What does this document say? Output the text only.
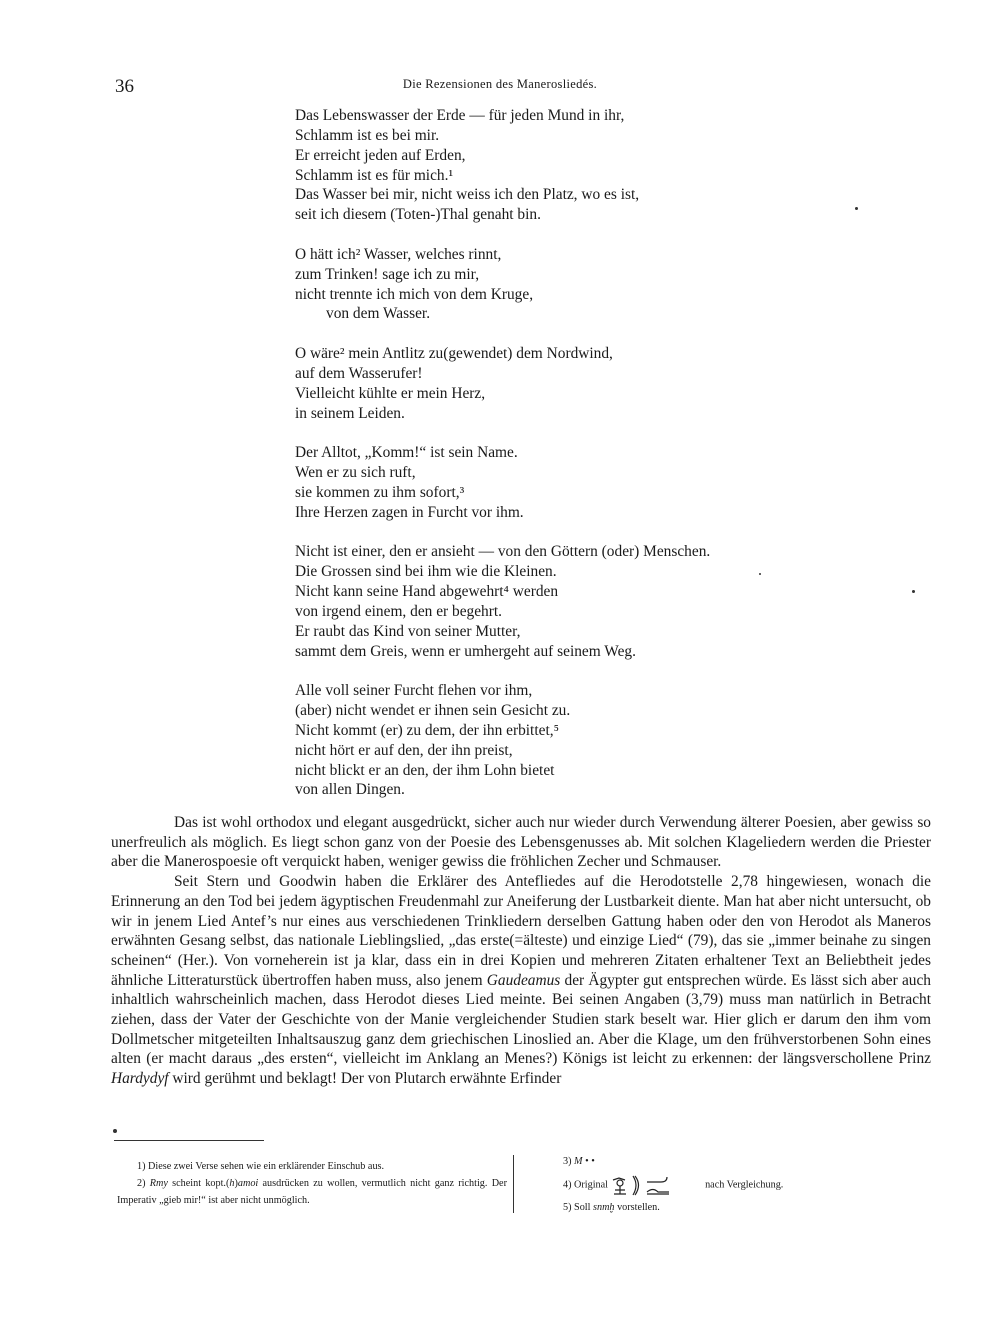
36	Die Rezensionen des Manerosliedés.
Das Lebenswasser der Erde — für jeden Mund in ihr,
Schlamm ist es bei mir.
Er erreicht jeden auf Erden,
Schlamm ist es für mich.¹
Das Wasser bei mir, nicht weiss ich den Platz, wo es ist,
seit ich diesem (Toten-)Thal genaht bin.
O hätt ich² Wasser, welches rinnt,
zum Trinken! sage ich zu mir,
nicht trennte ich mich von dem Kruge,
von dem Wasser.
O wäre² mein Antlitz zu(gewendet) dem Nordwind,
auf dem Wasserufer!
Vielleicht kühlte er mein Herz,
in seinem Leiden.
Der Alltot, „Komm!“ ist sein Name.
Wen er zu sich ruft,
sie kommen zu ihm sofort,³
Ihre Herzen zagen in Furcht vor ihm.
Nicht ist einer, den er ansieht — von den Göttern (oder) Menschen.
Die Grossen sind bei ihm wie die Kleinen.
Nicht kann seine Hand abgewehrt⁴ werden
von irgend einem, den er begehrt.
Er raubt das Kind von seiner Mutter,
sammt dem Greis, wenn er umhergeht auf seinem Weg.
Alle voll seiner Furcht flehen vor ihm,
(aber) nicht wendet er ihnen sein Gesicht zu.
Nicht kommt (er) zu dem, der ihn erbittet,⁵
nicht hört er auf den, der ihn preist,
nicht blickt er an den, der ihm Lohn bietet
von allen Dingen.

Das ist wohl orthodox und elegant ausgedrückt, sicher auch nur wieder durch Verwendung älterer Poesien, aber gewiss so unerfreulich als möglich. Es liegt schon ganz von der Poesie des Lebensgenusses ab. Mit solchen Klageliedern werden die Priester aber die Manerospoesie oft verquickt haben, weniger gewiss die fröhlichen Zecher und Schmauser.

Seit Stern und Goodwin haben die Erklärer des Antefliedes auf die Herodotstelle 2,78 hingewiesen, wonach die Erinnerung an den Tod bei jedem ägyptischen Freudenmahl zur Aneiferung der Lustbarkeit diente. Man hat aber nicht untersucht, ob wir in jenem Lied Antef’s nur eines aus verschiedenen Trinkliedern derselben Gattung haben oder den von Herodot als Maneros erwähnten Gesang selbst, das nationale Lieblingslied, „das erste(=älteste) und einzige Lied“ (79), das sie „immer beinahe zu singen scheinen“ (Her.). Von vorneherein ist ja klar, dass ein in drei Kopien und mehreren Zitaten erhaltener Text an Beliebtheit jedes ähnliche Litteraturstück übertroffen haben muss, also jenem Gaudeamus der Ägypter gut entsprechen würde. Es lässt sich aber auch inhaltlich wahrscheinlich machen, dass Herodot dieses Lied meinte. Bei seinen Angaben (3,79) muss man natürlich in Betracht ziehen, dass der Vater der Geschichte von der Manie vergleichender Studien stark beselt war. Hier glich er darum den ihm vom Dollmetscher mitgeteilten Inhaltsauszug ganz dem griechischen Linoslied an. Aber die Klage, um den frühverstorbenen Sohn eines alten (er macht daraus „des ersten“, vielleicht im Anklang an Menes?) Königs ist leicht zu erkennen: der längsverschollene Prinz Hardydyf wird gerühmt und beklagt! Der von Plutarch erwähnte Erfinder

1) Diese zwei Verse sehen wie ein erklärender Einschub aus.

2) Rmy scheint kopt.(h)amoi ausdrücken zu wollen, vermutlich nicht ganz richtig. Der Imperativ „gieb mir!“ ist aber nicht unmöglich.

3) M • •

4) Original	nach Vergleichung.

5) Soll snmḫ vorstellen.
